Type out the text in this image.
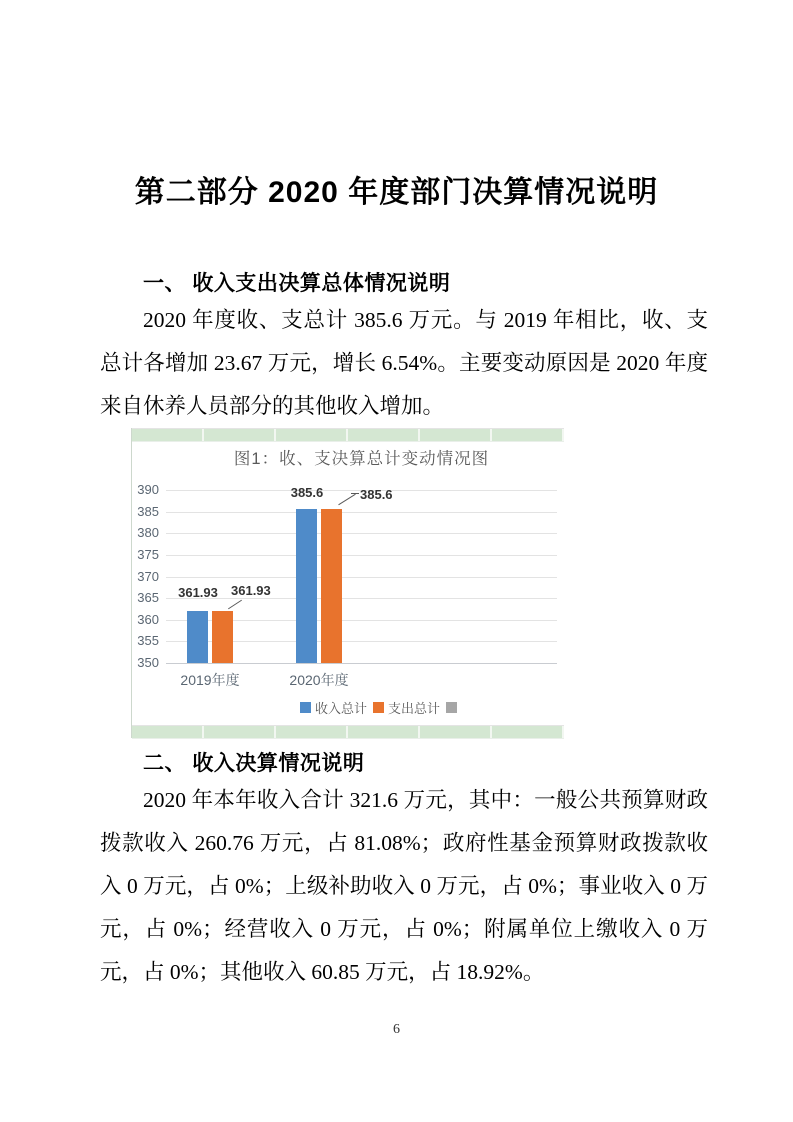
第二部分 2020 年度部门决算情况说明
一、 收入支出决算总体情况说明

2020 年度收、支总计 385.6 万元。与 2019 年相比，收、支总计各增加 23.67 万元，增长 6.54%。主要变动原因是 2020 年度来自休养人员部分的其他收入增加。

图1：收、支决算总计变动情况图
350
355
360
365
370
375
380
385
390
361.93	361.93
385.6	385.6
2019年度	2020年度
收入总计 支出总计
二、 收入决算情况说明

2020 年本年收入合计 321.6 万元，其中：一般公共预算财政拨款收入 260.76 万元，占 81.08%；政府性基金预算财政拨款收入 0 万元，占 0%；上级补助收入 0 万元，占 0%；事业收入 0 万元，占 0%；经营收入 0 万元，占 0%；附属单位上缴收入 0 万元，占 0%；其他收入 60.85 万元，占 18.92%。

6
